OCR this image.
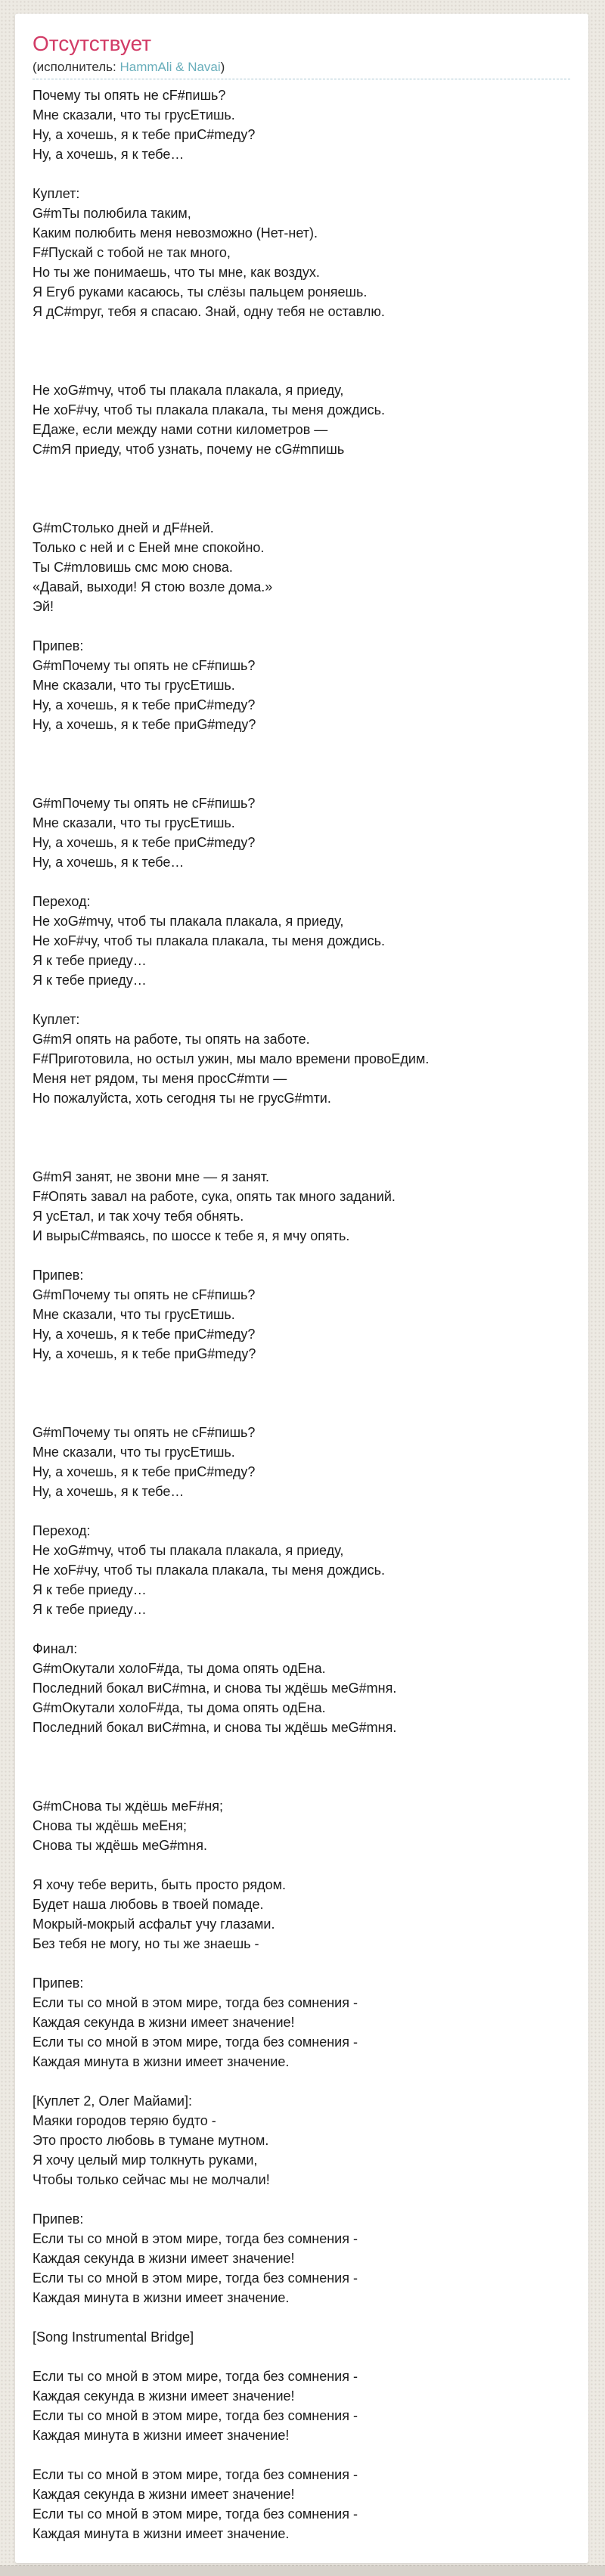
Отсутствует
(исполнитель: HammAli & Navai)
Почему ты опять не сF#пишь?
Мне сказали, что ты грусЕтишь.
Ну, а хочешь, я к тебе приС#mеду?
Ну, а хочешь, я к тебе…

Куплет:
G#mТы полюбила таким,
Каким полюбить меня невозможно (Нет-нет).
F#Пускай с тобой не так много,
Но ты же понимаешь, что ты мне, как воздух.
Я Егуб руками касаюсь, ты слёзы пальцем роняешь.
Я дС#mруг, тебя я спасаю. Знай, одну тебя не оставлю.

Не хоG#mчу, чтоб ты плакала плакала, я приеду,
Не хоF#чу, чтоб ты плакала плакала, ты меня дождись.
ЕДаже, если между нами сотни километров —
С#mЯ приеду, чтоб узнать, почему не сG#mпишь

G#mСтолько дней и дF#ней.
Только с ней и с Еней мне спокойно.
Ты С#mловишь смс мою снова.
«Давай, выходи! Я стою возле дома.»
Эй!

Припев:
G#mПочему ты опять не сF#пишь?
Мне сказали, что ты грусЕтишь.
Ну, а хочешь, я к тебе приС#mеду?
Ну, а хочешь, я к тебе приG#mеду?

G#mПочему ты опять не сF#пишь?
Мне сказали, что ты грусЕтишь.
Ну, а хочешь, я к тебе приС#mеду?
Ну, а хочешь, я к тебе…

Переход:
Не хоG#mчу, чтоб ты плакала плакала, я приеду,
Не хоF#чу, чтоб ты плакала плакала, ты меня дождись.
Я к тебе приеду…
Я к тебе приеду…

Куплет:
G#mЯ опять на работе, ты опять на заботе.
F#Приготовила, но остыл ужин, мы мало времени провоЕдим.
Меня нет рядом, ты меня просС#mти —
Но пожалуйста, хоть сегодня ты не грусG#mти.

G#mЯ занят, не звони мне — я занят.
F#Опять завал на работе, сука, опять так много заданий.
Я усЕтал, и так хочу тебя обнять.
И вырыС#mваясь, по шоссе к тебе я, я мчу опять.

Припев:
G#mПочему ты опять не сF#пишь?
Мне сказали, что ты грусЕтишь.
Ну, а хочешь, я к тебе приС#mеду?
Ну, а хочешь, я к тебе приG#mеду?

G#mПочему ты опять не сF#пишь?
Мне сказали, что ты грусЕтишь.
Ну, а хочешь, я к тебе приС#mеду?
Ну, а хочешь, я к тебе…

Переход:
Не хоG#mчу, чтоб ты плакала плакала, я приеду,
Не хоF#чу, чтоб ты плакала плакала, ты меня дождись.
Я к тебе приеду…
Я к тебе приеду…

Финал:
G#mОкутали холоF#да, ты дома опять одЕна.
Последний бокал виС#mна, и снова ты ждёшь меG#mня.
G#mОкутали холоF#да, ты дома опять одЕна.
Последний бокал виС#mна, и снова ты ждёшь меG#mня.

G#mСнова ты ждёшь меF#ня;
Снова ты ждёшь меЕня;
Снова ты ждёшь меG#mня.

Я хочу тебе верить, быть просто рядом.
Будет наша любовь в твоей помаде.
Мокрый-мокрый асфальт учу глазами.
Без тебя не могу, но ты же знаешь -

Припев:
Если ты со мной в этом мире, тогда без сомнения -
Каждая секунда в жизни имеет значение!
Если ты со мной в этом мире, тогда без сомнения -
Каждая минута в жизни имеет значение.

[Куплет 2, Олег Майами]:
Маяки городов теряю будто -
Это просто любовь в тумане мутном.
Я хочу целый мир толкнуть руками,
Чтобы только сейчас мы не молчали!

Припев:
Если ты со мной в этом мире, тогда без сомнения -
Каждая секунда в жизни имеет значение!
Если ты со мной в этом мире, тогда без сомнения -
Каждая минута в жизни имеет значение.

[Song Instrumental Bridge]

Если ты со мной в этом мире, тогда без сомнения -
Каждая секунда в жизни имеет значение!
Если ты со мной в этом мире, тогда без сомнения -
Каждая минута в жизни имеет значение!

Если ты со мной в этом мире, тогда без сомнения -
Каждая секунда в жизни имеет значение!
Если ты со мной в этом мире, тогда без сомнения -
Каждая минута в жизни имеет значение.
